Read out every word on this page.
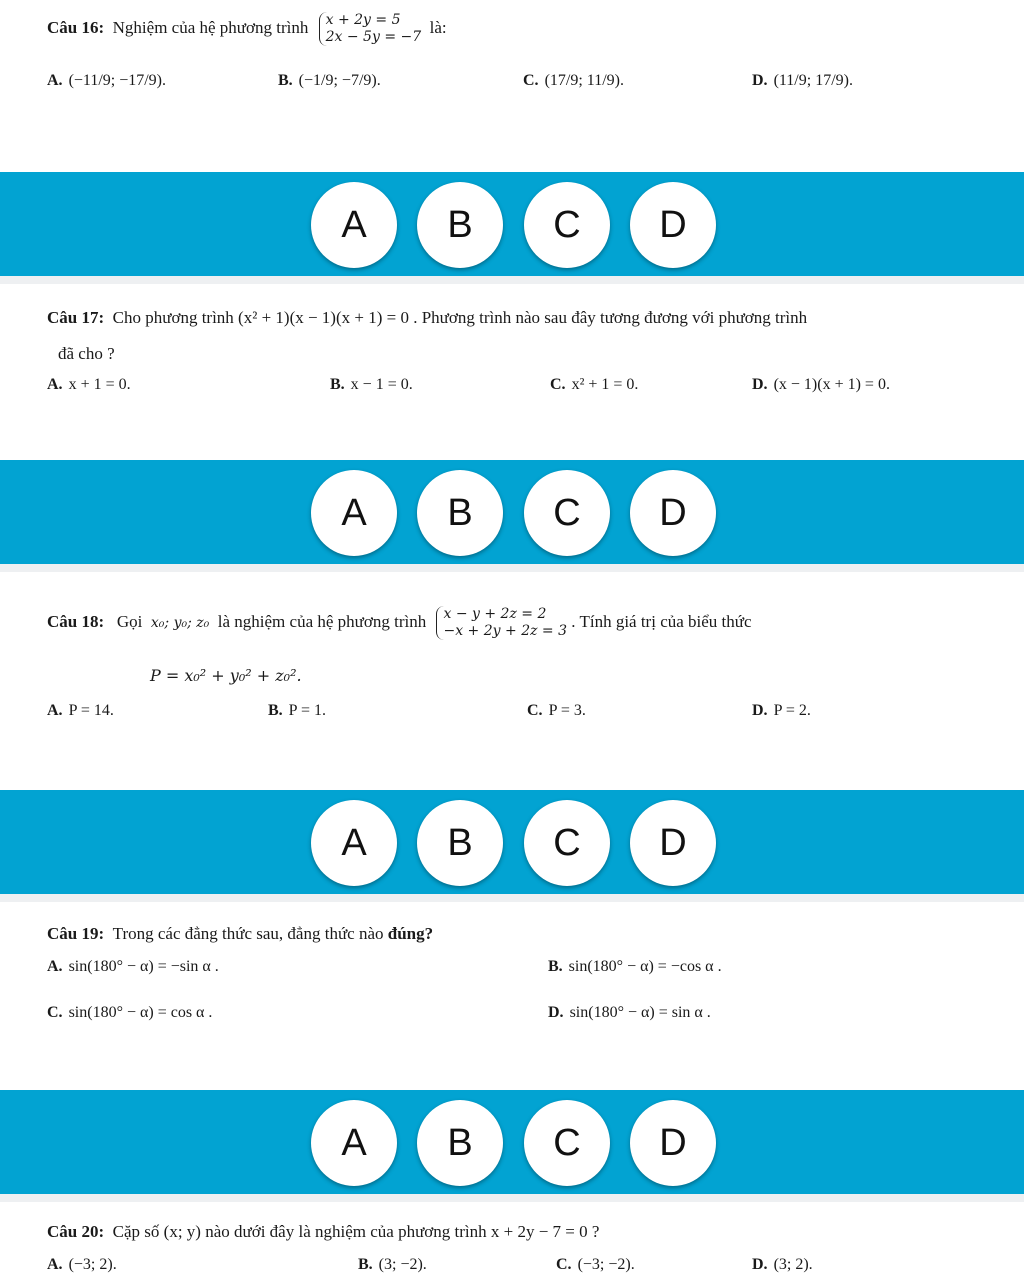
Câu 16: Nghiệm của hệ phương trình x + 2y = 5
2x − 5y = −7
là:
A. (−11/9; −17/9).	B. (−1/9; −7/9).	C. (17/9; 11/9).	D. (11/9; 17/9).
A	B	C	D
Câu 17: Cho phương trình (x² + 1)(x − 1)(x + 1) = 0 . Phương trình nào sau đây tương đương với phương trình
đã cho ?
A. x + 1 = 0.	B. x − 1 = 0.	C. x² + 1 = 0.	D. (x − 1)(x + 1) = 0.
A	B	C	D
Câu 18: Gọi x₀; y₀; z₀ là nghiệm của hệ phương trình x − y + 2z = 2
−x + 2y + 2z = 3
. Tính giá trị của biểu thức
P = x₀² + y₀² + z₀².
A. P = 14.	B. P = 1.	C. P = 3.	D. P = 2.
A	B	C	D
Câu 19: Trong các đẳng thức sau, đẳng thức nào đúng?
A. sin(180° − α) = −sin α .	B. sin(180° − α) = −cos α .
C. sin(180° − α) = cos α .	D. sin(180° − α) = sin α .
A	B	C	D
Câu 20: Cặp số (x; y) nào dưới đây là nghiệm của phương trình x + 2y − 7 = 0 ?
A. (−3; 2).	B. (3; −2).	C. (−3; −2).	D. (3; 2).
